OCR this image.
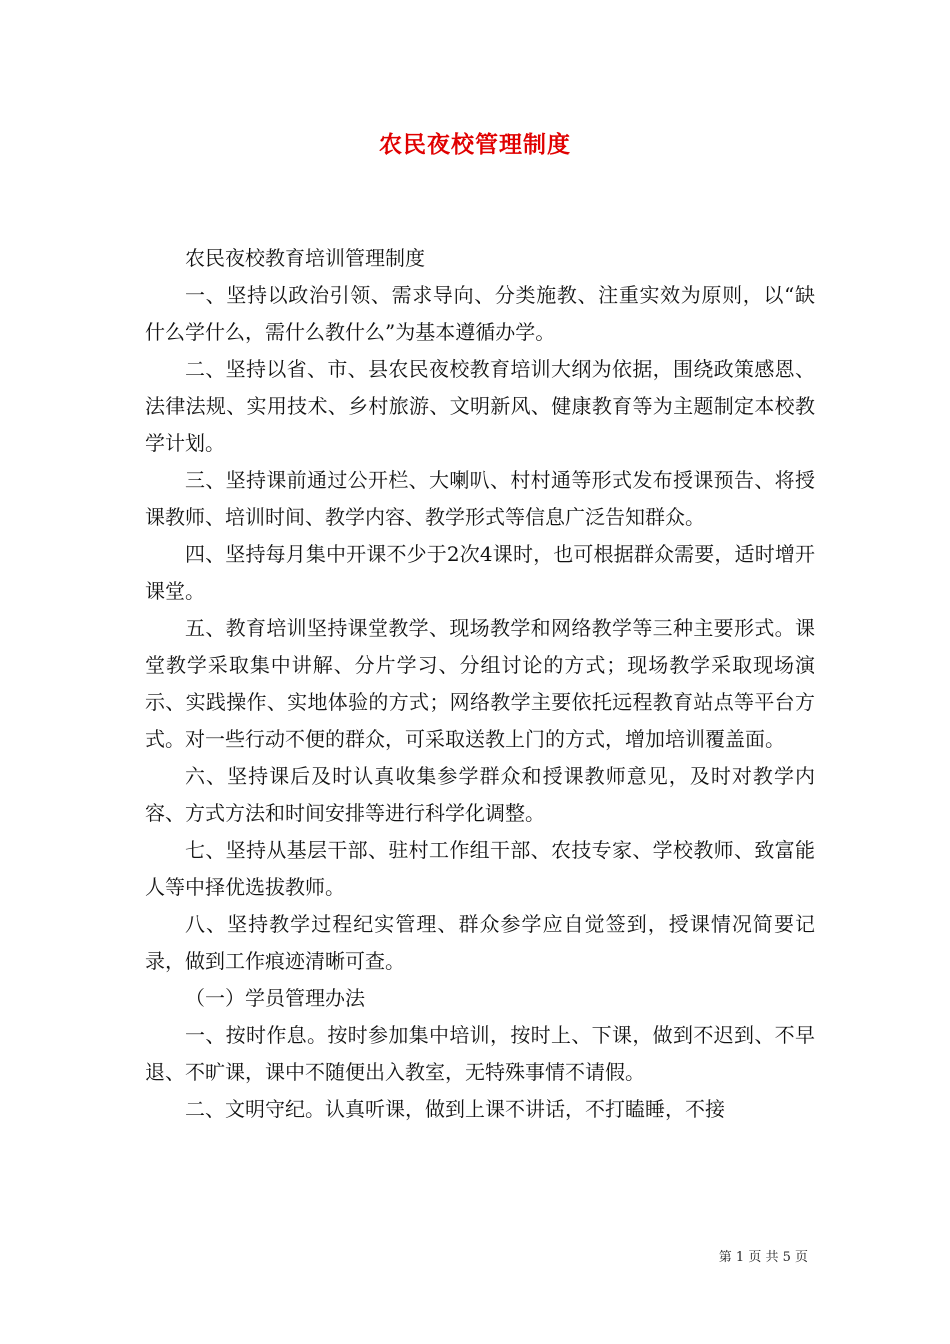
农民夜校管理制度

农民夜校教育培训管理制度

一、坚持以政治引领、需求导向、分类施教、注重实效为原则，以“缺什么学什么，需什么教什么”为基本遵循办学。

二、坚持以省、市、县农民夜校教育培训大纲为依据，围绕政策感恩、法律法规、实用技术、乡村旅游、文明新风、健康教育等为主题制定本校教学计划。

三、坚持课前通过公开栏、大喇叭、村村通等形式发布授课预告、将授课教师、培训时间、教学内容、教学形式等信息广泛告知群众。

四、坚持每月集中开课不少于2次4课时，也可根据群众需要，适时增开课堂。

五、教育培训坚持课堂教学、现场教学和网络教学等三种主要形式。课堂教学采取集中讲解、分片学习、分组讨论的方式；现场教学采取现场演示、实践操作、实地体验的方式；网络教学主要依托远程教育站点等平台方式。对一些行动不便的群众，可采取送教上门的方式，增加培训覆盖面。

六、坚持课后及时认真收集参学群众和授课教师意见，及时对教学内容、方式方法和时间安排等进行科学化调整。

七、坚持从基层干部、驻村工作组干部、农技专家、学校教师、致富能人等中择优选拔教师。

八、坚持教学过程纪实管理、群众参学应自觉签到，授课情况简要记录，做到工作痕迹清晰可查。

（一）学员管理办法

一、按时作息。按时参加集中培训，按时上、下课，做到不迟到、不早退、不旷课，课中不随便出入教室，无特殊事情不请假。

二、文明守纪。认真听课，做到上课不讲话，不打瞌睡，不接

第 1 页 共 5 页
